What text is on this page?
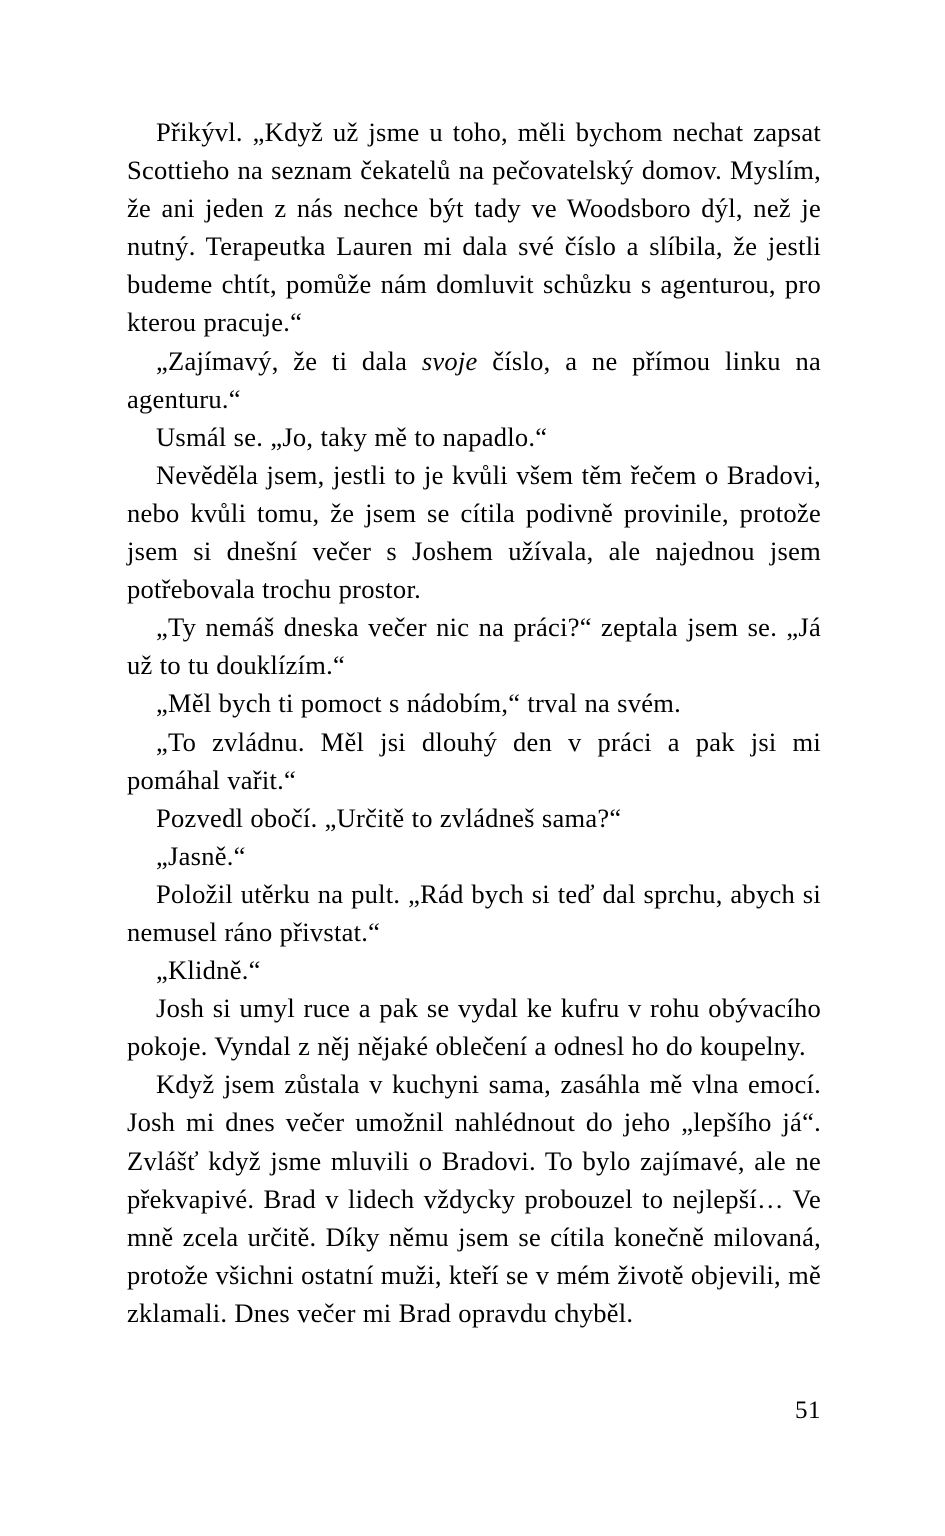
Přikývl. „Když už jsme u toho, měli bychom nechat zapsat Scottieho na seznam čekatelů na pečovatelský domov. Myslím, že ani jeden z nás nechce být tady ve Woodsboro dýl, než je nutný. Terapeutka Lauren mi dala své číslo a slíbila, že jestli budeme chtít, pomůže nám domluvit schůzku s agenturou, pro kterou pracuje.“

„Zajímavý, že ti dala svoje číslo, a ne přímou linku na agenturu.“

Usmál se. „Jo, taky mě to napadlo.“

Nevěděla jsem, jestli to je kvůli všem těm řečem o Bradovi, nebo kvůli tomu, že jsem se cítila podivně provinile, protože jsem si dnešní večer s Joshem užívala, ale najednou jsem potřebovala trochu prostor.

„Ty nemáš dneska večer nic na práci?“ zeptala jsem se. „Já už to tu douklízím.“

„Měl bych ti pomoct s nádobím,“ trval na svém.

„To zvládnu. Měl jsi dlouhý den v práci a pak jsi mi pomáhal vařit.“

Pozvedl obočí. „Určitě to zvládneš sama?“

„Jasně.“

Položil utěrku na pult. „Rád bych si teď dal sprchu, abych si nemusel ráno přivstat.“

„Klidně.“

Josh si umyl ruce a pak se vydal ke kufru v rohu obývacího pokoje. Vyndal z něj nějaké oblečení a odnesl ho do koupelny.

Když jsem zůstala v kuchyni sama, zasáhla mě vlna emocí. Josh mi dnes večer umožnil nahlédnout do jeho „lepšího já“. Zvlášť když jsme mluvili o Bradovi. To bylo zajímavé, ale ne překvapivé. Brad v lidech vždycky probouzel to nejlepší… Ve mně zcela určitě. Díky němu jsem se cítila konečně milovaná, protože všichni ostatní muži, kteří se v mém životě objevili, mě zklamali. Dnes večer mi Brad opravdu chyběl.

51
